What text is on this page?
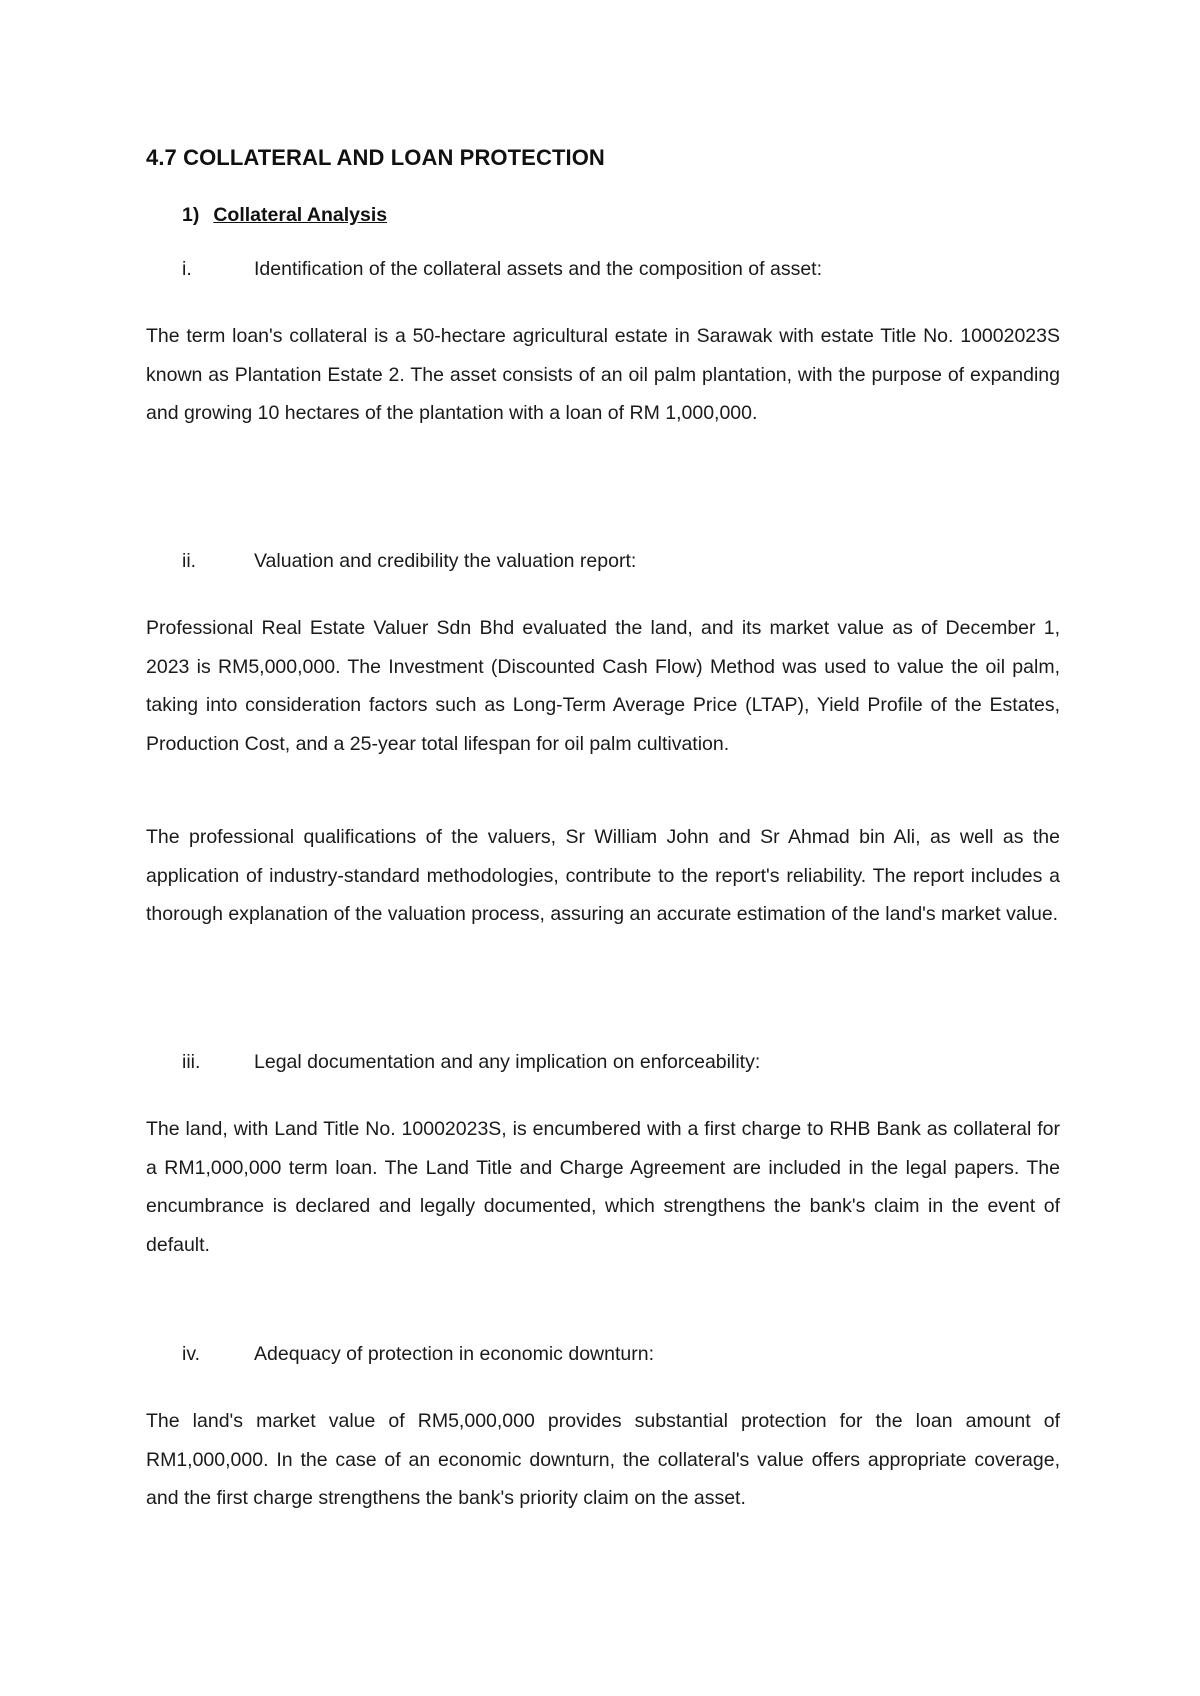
4.7 COLLATERAL AND LOAN PROTECTION
1) Collateral Analysis

i.	Identification of the collateral assets and the composition of asset:

The term loan's collateral is a 50-hectare agricultural estate in Sarawak with estate Title No. 10002023S known as Plantation Estate 2. The asset consists of an oil palm plantation, with the purpose of expanding and growing 10 hectares of the plantation with a loan of RM 1,000,000.

ii.	Valuation and credibility the valuation report:

Professional Real Estate Valuer Sdn Bhd evaluated the land, and its market value as of December 1, 2023 is RM5,000,000. The Investment (Discounted Cash Flow) Method was used to value the oil palm, taking into consideration factors such as Long-Term Average Price (LTAP), Yield Profile of the Estates, Production Cost, and a 25-year total lifespan for oil palm cultivation.

The professional qualifications of the valuers, Sr William John and Sr Ahmad bin Ali, as well as the application of industry-standard methodologies, contribute to the report's reliability. The report includes a thorough explanation of the valuation process, assuring an accurate estimation of the land's market value.

iii.	Legal documentation and any implication on enforceability:

The land, with Land Title No. 10002023S, is encumbered with a first charge to RHB Bank as collateral for a RM1,000,000 term loan. The Land Title and Charge Agreement are included in the legal papers. The encumbrance is declared and legally documented, which strengthens the bank's claim in the event of default.

iv.	Adequacy of protection in economic downturn:

The land's market value of RM5,000,000 provides substantial protection for the loan amount of RM1,000,000. In the case of an economic downturn, the collateral's value offers appropriate coverage, and the first charge strengthens the bank's priority claim on the asset.
